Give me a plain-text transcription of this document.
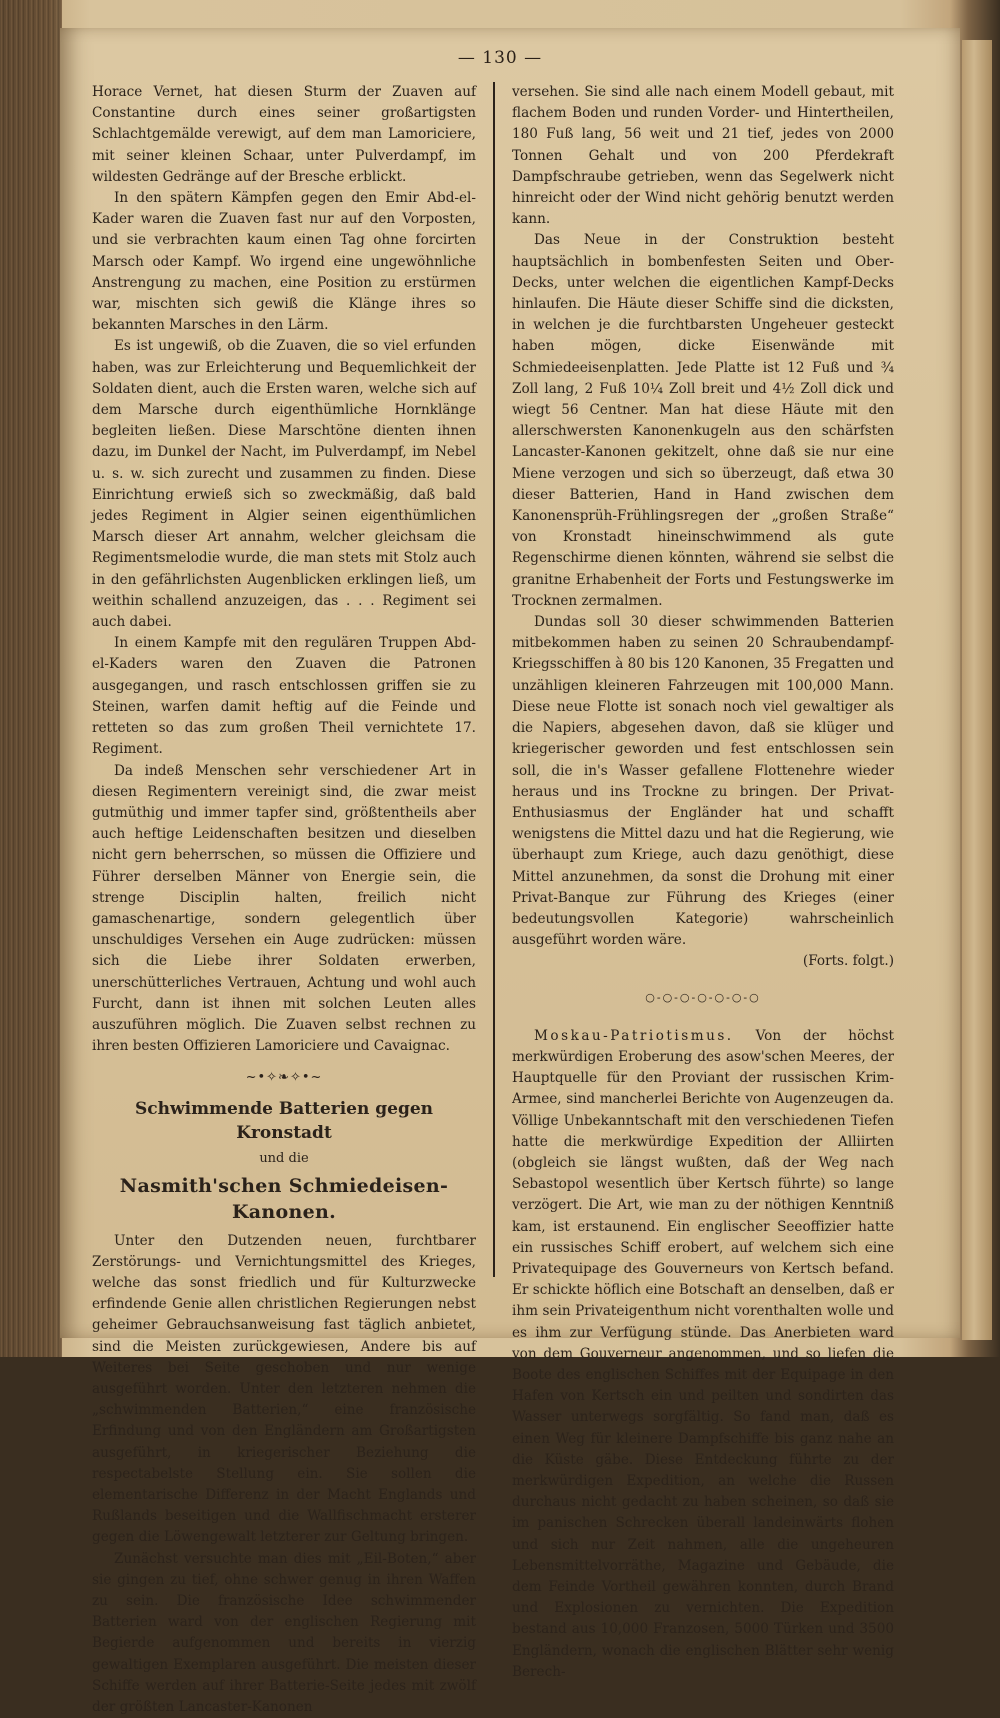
— 130 —

Horace Vernet, hat diesen Sturm der Zuaven auf Constantine durch eines seiner großartigsten Schlachtgemälde verewigt, auf dem man Lamoriciere, mit seiner kleinen Schaar, unter Pulverdampf, im wildesten Gedränge auf der Bresche erblickt.

In den spätern Kämpfen gegen den Emir Abd-el-Kader waren die Zuaven fast nur auf den Vorposten, und sie verbrachten kaum einen Tag ohne forcirten Marsch oder Kampf. Wo irgend eine ungewöhnliche Anstrengung zu machen, eine Position zu erstürmen war, mischten sich gewiß die Klänge ihres so bekannten Marsches in den Lärm.

Es ist ungewiß, ob die Zuaven, die so viel erfunden haben, was zur Erleichterung und Bequemlichkeit der Soldaten dient, auch die Ersten waren, welche sich auf dem Marsche durch eigenthümliche Hornklänge begleiten ließen. Diese Marschtöne dienten ihnen dazu, im Dunkel der Nacht, im Pulverdampf, im Nebel u. s. w. sich zurecht und zusammen zu finden. Diese Einrichtung erwieß sich so zweckmäßig, daß bald jedes Regiment in Algier seinen eigenthümlichen Marsch dieser Art annahm, welcher gleichsam die Regimentsmelodie wurde, die man stets mit Stolz auch in den gefährlichsten Augenblicken erklingen ließ, um weithin schallend anzuzeigen, das . . . Regiment sei auch dabei.

In einem Kampfe mit den regulären Truppen Abd-el-Kaders waren den Zuaven die Patronen ausgegangen, und rasch entschlossen griffen sie zu Steinen, warfen damit heftig auf die Feinde und retteten so das zum großen Theil vernichtete 17. Regiment.

Da indeß Menschen sehr verschiedener Art in diesen Regimentern vereinigt sind, die zwar meist gutmüthig und immer tapfer sind, größtentheils aber auch heftige Leidenschaften besitzen und dieselben nicht gern beherrschen, so müssen die Offiziere und Führer derselben Männer von Energie sein, die strenge Disciplin halten, freilich nicht gamaschenartige, sondern gelegentlich über unschuldiges Versehen ein Auge zudrücken: müssen sich die Liebe ihrer Soldaten erwerben, unerschütterliches Vertrauen, Achtung und wohl auch Furcht, dann ist ihnen mit solchen Leuten alles auszuführen möglich. Die Zuaven selbst rechnen zu ihren besten Offizieren Lamoriciere und Cavaignac.

~•✧❧✧•~
Schwimmende Batterien gegen Kronstadt
und die
Nasmith'schen Schmiedeisen-Kanonen.

Unter den Dutzenden neuen, furchtbarer Zerstörungs- und Vernichtungsmittel des Krieges, welche das sonst friedlich und für Kulturzwecke erfindende Genie allen christlichen Regierungen nebst geheimer Gebrauchsanweisung fast täglich anbietet, sind die Meisten zurückgewiesen, Andere bis auf Weiteres bei Seite geschoben und nur wenige ausgeführt worden. Unter den letzteren nehmen die „schwimmenden Batterien,“ eine französische Erfindung und von den Engländern am Großartigsten ausgeführt, in kriegerischer Beziehung die respectabelste Stellung ein. Sie sollen die elementarische Differenz in der Macht Englands und Rußlands beseitigen und die Wallfischmacht ersterer gegen die Löwengewalt letzterer zur Geltung bringen.

Zunächst versuchte man dies mit „Eil-Boten,“ aber sie gingen zu tief, ohne schwer genug in ihren Waffen zu sein. Die französische Idee schwimmender Batterien ward von der englischen Regierung mit Begierde aufgenommen und bereits in vierzig gewaltigen Exemplaren ausgeführt. Die meisten dieser Schiffe werden auf ihrer Batterie-Seite jedes mit zwölf der größten Lancaster-Kanonen

versehen. Sie sind alle nach einem Modell gebaut, mit flachem Boden und runden Vorder- und Hintertheilen, 180 Fuß lang, 56 weit und 21 tief, jedes von 2000 Tonnen Gehalt und von 200 Pferdekraft Dampfschraube getrieben, wenn das Segelwerk nicht hinreicht oder der Wind nicht gehörig benutzt werden kann.

Das Neue in der Construktion besteht hauptsächlich in bombenfesten Seiten und Ober-Decks, unter welchen die eigentlichen Kampf-Decks hinlaufen. Die Häute dieser Schiffe sind die dicksten, in welchen je die furchtbarsten Ungeheuer gesteckt haben mögen, dicke Eisenwände mit Schmiedeeisenplatten. Jede Platte ist 12 Fuß und ¾ Zoll lang, 2 Fuß 10¼ Zoll breit und 4½ Zoll dick und wiegt 56 Centner. Man hat diese Häute mit den allerschwersten Kanonenkugeln aus den schärfsten Lancaster-Kanonen gekitzelt, ohne daß sie nur eine Miene verzogen und sich so überzeugt, daß etwa 30 dieser Batterien, Hand in Hand zwischen dem Kanonensprüh-Frühlingsregen der „großen Straße“ von Kronstadt hineinschwimmend als gute Regenschirme dienen könnten, während sie selbst die granitne Erhabenheit der Forts und Festungswerke im Trocknen zermalmen.

Dundas soll 30 dieser schwimmenden Batterien mitbekommen haben zu seinen 20 Schraubendampf-Kriegsschiffen à 80 bis 120 Kanonen, 35 Fregatten und unzähligen kleineren Fahrzeugen mit 100,000 Mann. Diese neue Flotte ist sonach noch viel gewaltiger als die Napiers, abgesehen davon, daß sie klüger und kriegerischer geworden und fest entschlossen sein soll, die in's Wasser gefallene Flottenehre wieder heraus und ins Trockne zu bringen. Der Privat-Enthusiasmus der Engländer hat und schafft wenigstens die Mittel dazu und hat die Regierung, wie überhaupt zum Kriege, auch dazu genöthigt, diese Mittel anzunehmen, da sonst die Drohung mit einer Privat-Banque zur Führung des Krieges (einer bedeutungsvollen Kategorie) wahrscheinlich ausgeführt worden wäre.

(Forts. folgt.)

○-○-○-○-○-○-○

Moskau-Patriotismus. Von der höchst merkwürdigen Eroberung des asow'schen Meeres, der Hauptquelle für den Proviant der russischen Krim-Armee, sind mancherlei Berichte von Augenzeugen da. Völlige Unbekanntschaft mit den verschiedenen Tiefen hatte die merkwürdige Expedition der Alliirten (obgleich sie längst wußten, daß der Weg nach Sebastopol wesentlich über Kertsch führte) so lange verzögert. Die Art, wie man zu der nöthigen Kenntniß kam, ist erstaunend. Ein englischer Seeoffizier hatte ein russisches Schiff erobert, auf welchem sich eine Privatequipage des Gouverneurs von Kertsch befand. Er schickte höflich eine Botschaft an denselben, daß er ihm sein Privateigenthum nicht vorenthalten wolle und es ihm zur Verfügung stünde. Das Anerbieten ward von dem Gouverneur angenommen, und so liefen die Boote des englischen Schiffes mit der Equipage in den Hafen von Kertsch ein und peilten und sondirten das Wasser unterwegs sorgfältig. So fand man, daß es einen Weg für kleinere Dampfschiffe bis ganz nahe an die Küste gäbe. Diese Entdeckung führte zu der merkwürdigen Expedition, an welche die Russen durchaus nicht gedacht zu haben scheinen, so daß sie im panischen Schrecken überall landeinwärts flohen und sich nur Zeit nahmen, alle die ungeheuren Lebensmittelvorräthe, Magazine und Gebäude, die dem Feinde Vortheil gewähren konnten, durch Brand und Explosionen zu vernichten. Die Expedition bestand aus 10,000 Franzosen, 5000 Türken und 3500 Engländern, wonach die englischen Blätter sehr wenig Berech-
